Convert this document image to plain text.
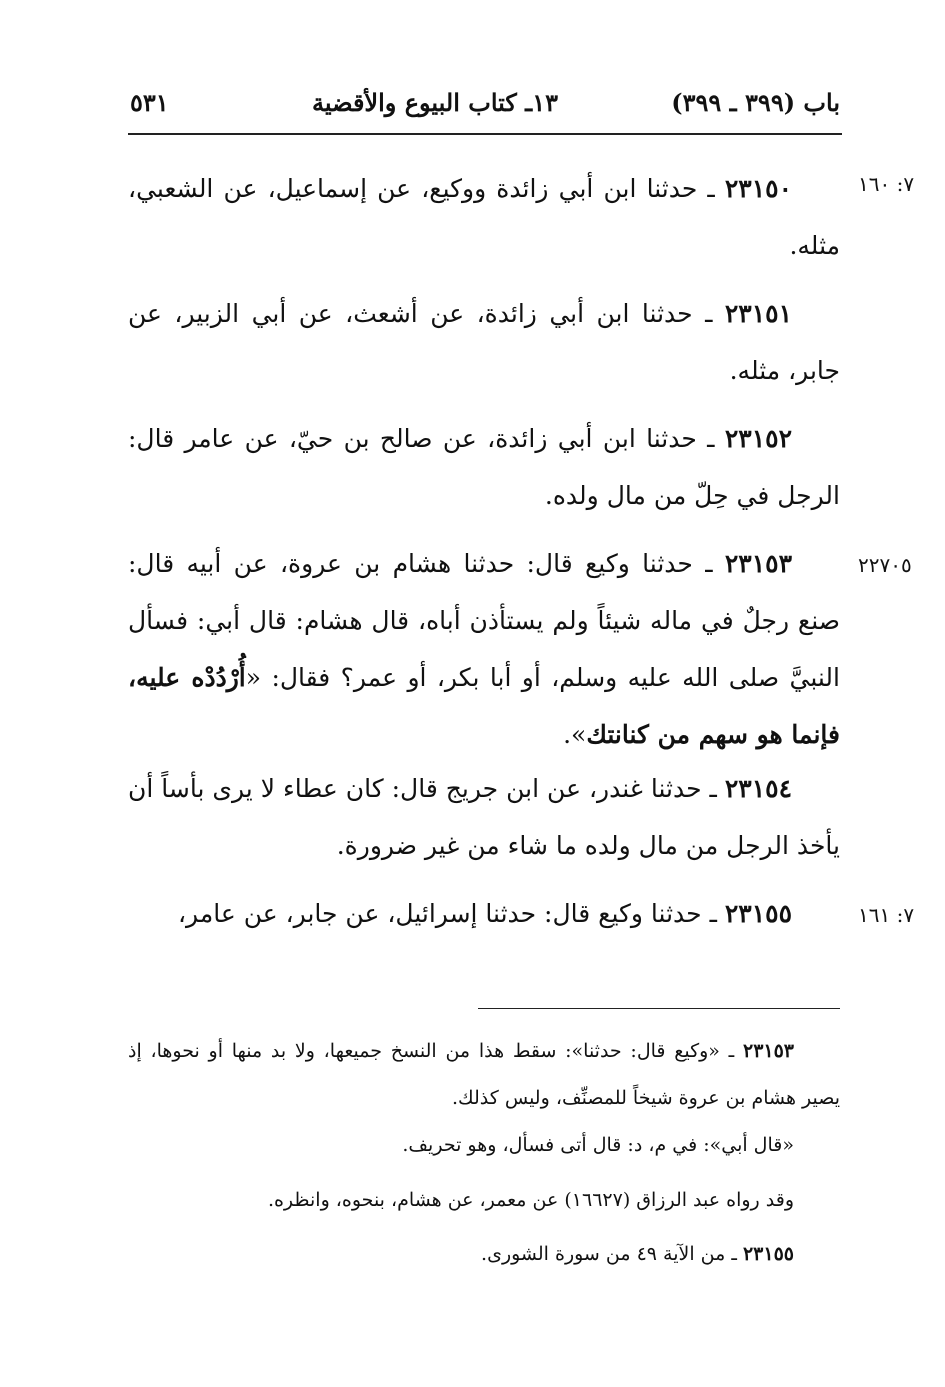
باب (٣٩٩ ـ ٣٩٩)
١٣ـ كتاب البيوع والأقضية
٥٣١
٧: ١٦٠
٢٣١٥٠ ـ حدثنا ابن أبي زائدة ووكيع، عن إسماعيل، عن الشعبي، مثله.
٢٣١٥١ ـ حدثنا ابن أبي زائدة، عن أشعث، عن أبي الزبير، عن جابر، مثله.
٢٣١٥٢ ـ حدثنا ابن أبي زائدة، عن صالح بن حيّ، عن عامر قال: الرجل في حِلّ من مال ولده.
٢٢٧٠٥
٢٣١٥٣ ـ حدثنا وكيع قال: حدثنا هشام بن عروة، عن أبيه قال: صنع رجلٌ في ماله شيئاً ولم يستأذن أباه، قال هشام: قال أبي: فسأل النبيَّ صلى الله عليه وسلم، أو أبا بكر، أو عمر؟ فقال: «أُرْدُدْه عليه، فإنما هو سهم من كنانتك».
٢٣١٥٤ ـ حدثنا غندر، عن ابن جريج قال: كان عطاء لا يرى بأساً أن يأخذ الرجل من مال ولده ما شاء من غير ضرورة.
٧: ١٦١
٢٣١٥٥ ـ حدثنا وكيع قال: حدثنا إسرائيل، عن جابر، عن عامر،
٢٣١٥٣ ـ «وكيع قال: حدثنا»: سقط هذا من النسخ جميعها، ولا بد منها أو نحوها، إذ يصير هشام بن عروة شيخاً للمصنِّف، وليس كذلك.
«قال أبي»: في م، د: قال أتى فسأل، وهو تحريف.
وقد رواه عبد الرزاق (١٦٦٢٧) عن معمر، عن هشام، بنحوه، وانظره.
٢٣١٥٥ ـ من الآية ٤٩ من سورة الشورى.
